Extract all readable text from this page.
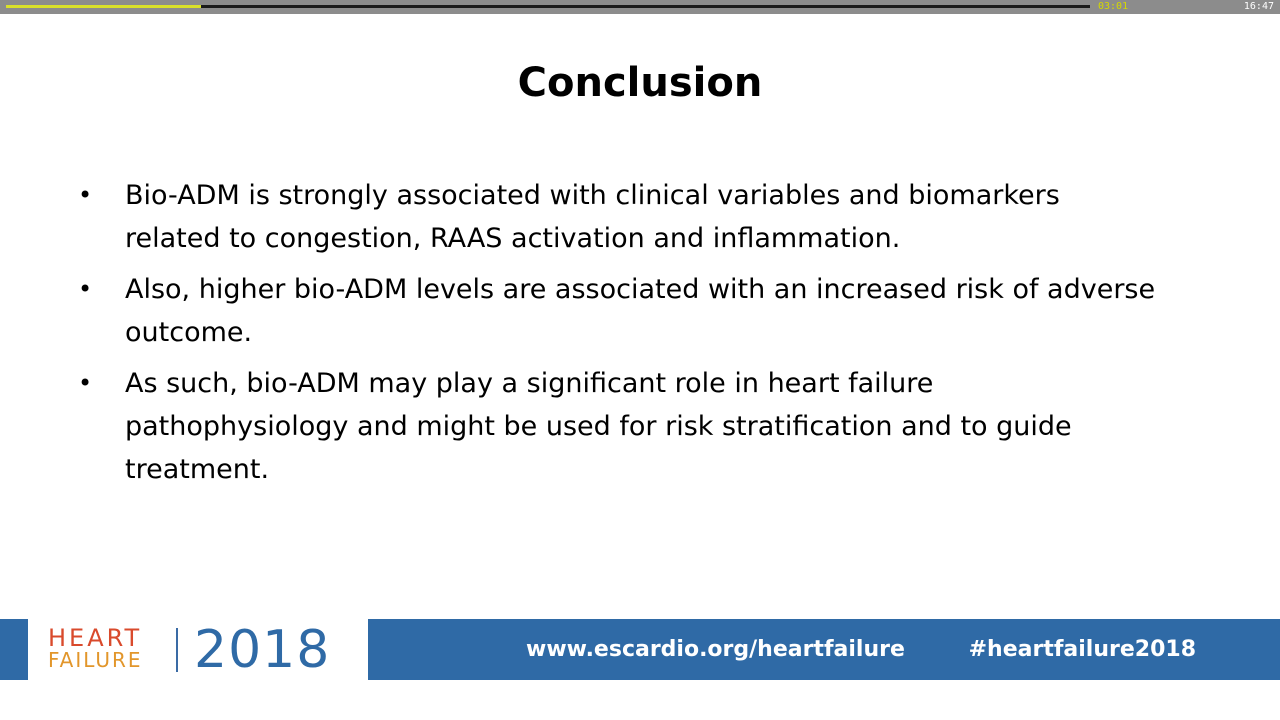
03:01	16:47
Conclusion
• Bio-ADM is strongly associated with clinical variables and biomarkers related to congestion, RAAS activation and inflammation.
• Also, higher bio-ADM levels are associated with an increased risk of adverse outcome.
• As such, bio-ADM may play a significant role in heart failure pathophysiology and might be used for risk stratification and to guide treatment.
HEART
FAILURE 2018	www.escardio.org/heartfailure	#heartfailure2018
